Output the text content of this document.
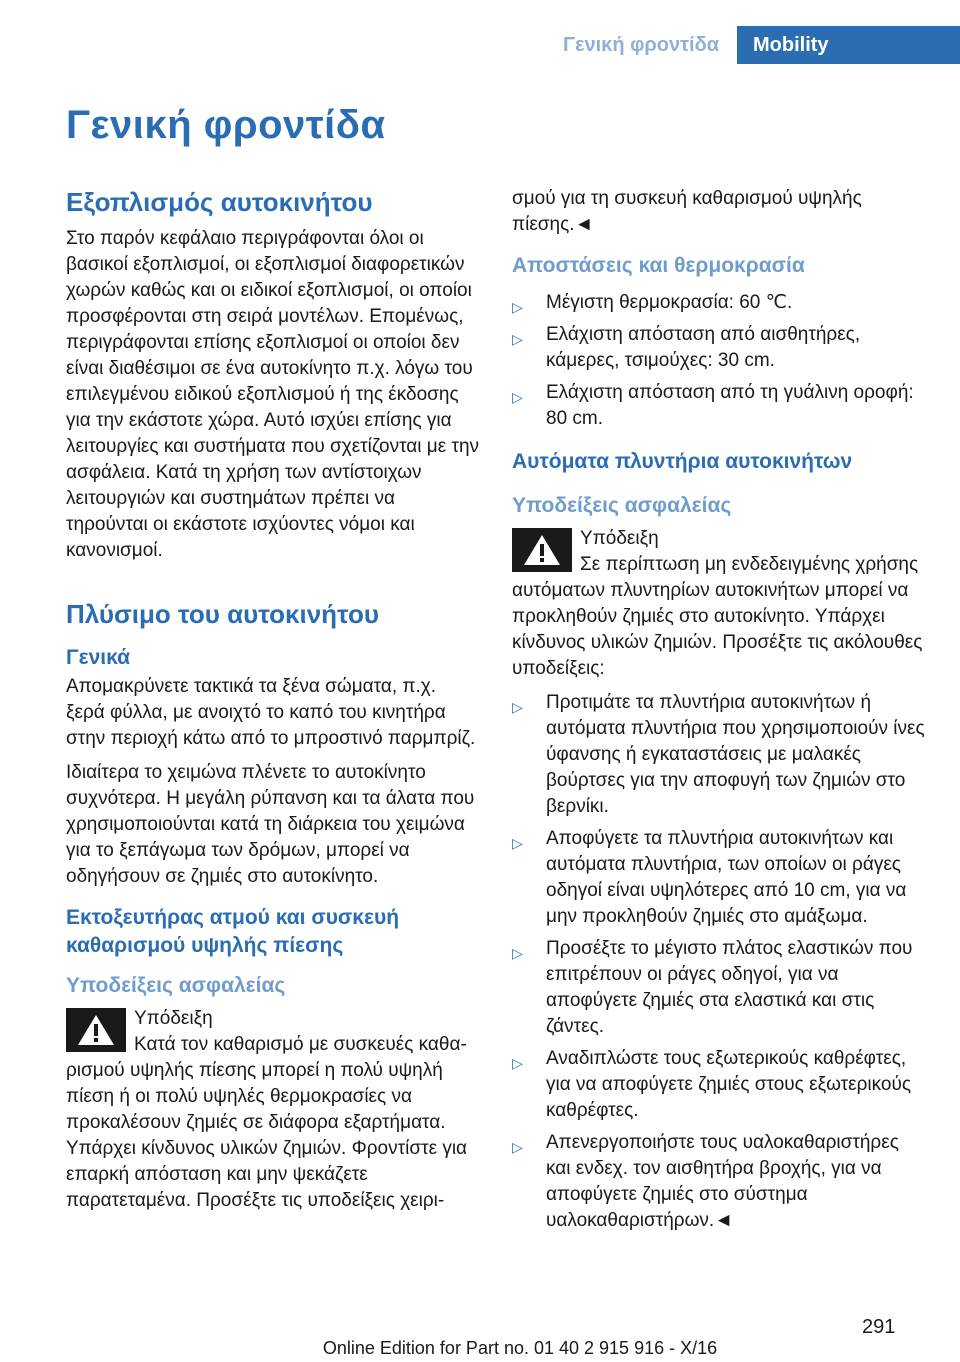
Γενική φροντίδα	Mobility
Γενική φροντίδα
Εξοπλισμός αυτοκινήτου

Στο παρόν κεφάλαιο περιγράφονται όλοι οι βασικοί εξοπλισμοί, οι εξοπλισμοί διαφορετικών χωρών καθώς και οι ειδικοί εξοπλισμοί, οι οποίοι προσφέρονται στη σειρά μοντέλων. Επομένως, περιγράφονται επίσης εξοπλισμοί οι οποίοι δεν είναι διαθέσιμοι σε ένα αυτοκίνητο π.χ. λόγω του επιλεγμένου ειδικού εξοπλισμού ή της έκδοσης για την εκάστοτε χώρα. Αυτό ισχύει επίσης για λειτουργίες και συστήματα που σχετίζονται με την ασφάλεια. Κατά τη χρήση των αντίστοιχων λειτουργιών και συστημάτων πρέπει να τηρούνται οι εκάστοτε ισχύοντες νόμοι και κανονισμοί.

Πλύσιμο του αυτοκινήτου
Γενικά

Απομακρύνετε τακτικά τα ξένα σώματα, π.χ. ξερά φύλλα, με ανοιχτό το καπό του κινητήρα στην περιοχή κάτω από το μπροστινό παρμπρίζ.

Ιδιαίτερα το χειμώνα πλένετε το αυτοκίνητο συχνότερα. Η μεγάλη ρύπανση και τα άλατα που χρησιμοποιούνται κατά τη διάρκεια του χειμώνα για το ξεπάγωμα των δρόμων, μπορεί να οδηγήσουν σε ζημιές στο αυτοκίνητο.

Εκτοξευτήρας ατμού και συσκευή καθαρισμού υψηλής πίεσης
Υποδείξεις ασφαλείας

Υπόδειξη

Κατά τον καθαρισμό με συσκευές καθα-

ρισμού υψηλής πίεσης μπορεί η πολύ υψηλή πίεση ή οι πολύ υψηλές θερμοκρασίες να προκαλέσουν ζημιές σε διάφορα εξαρτήματα. Υπάρχει κίνδυνος υλικών ζημιών. Φροντίστε για επαρκή απόσταση και μην ψεκάζετε παρατεταμένα. Προσέξτε τις υποδείξεις χειρι-

σμού για τη συσκευή καθαρισμού υψηλής πίεσης.◄

Αποστάσεις και θερμοκρασία
▷ Μέγιστη θερμοκρασία: 60 ℃.
▷ Ελάχιστη απόσταση από αισθητήρες, κάμερες, τσιμούχες: 30 cm.
▷ Ελάχιστη απόσταση από τη γυάλινη οροφή: 80 cm.
Αυτόματα πλυντήρια αυτοκινήτων
Υποδείξεις ασφαλείας

Υπόδειξη

Σε περίπτωση μη ενδεδειγμένης χρήσης

αυτόματων πλυντηρίων αυτοκινήτων μπορεί να προκληθούν ζημιές στο αυτοκίνητο. Υπάρχει κίνδυνος υλικών ζημιών. Προσέξτε τις ακόλουθες υποδείξεις:

▷ Προτιμάτε τα πλυντήρια αυτοκινήτων ή αυτόματα πλυντήρια που χρησιμοποιούν ίνες ύφανσης ή εγκαταστάσεις με μαλακές βούρτσες για την αποφυγή των ζημιών στο βερνίκι.
▷ Αποφύγετε τα πλυντήρια αυτοκινήτων και αυτόματα πλυντήρια, των οποίων οι ράγες οδηγοί είναι υψηλότερες από 10 cm, για να μην προκληθούν ζημιές στο αμάξωμα.
▷ Προσέξτε το μέγιστο πλάτος ελαστικών που επιτρέπουν οι ράγες οδηγοί, για να αποφύγετε ζημιές στα ελαστικά και στις ζάντες.
▷ Αναδιπλώστε τους εξωτερικούς καθρέφτες, για να αποφύγετε ζημιές στους εξωτερικούς καθρέφτες.
▷ Απενεργοποιήστε τους υαλοκαθαριστήρες και ενδεχ. τον αισθητήρα βροχής, για να αποφύγετε ζημιές στο σύστημα υαλοκαθαριστήρων.◄
291
Online Edition for Part no. 01 40 2 915 916 - X/16
